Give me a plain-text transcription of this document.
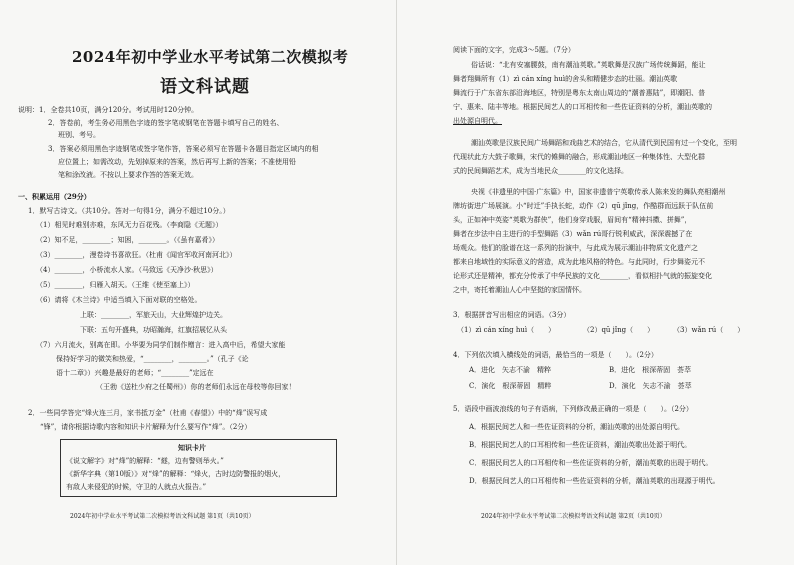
2024年初中学业水平考试第二次模拟考
语文科试题
说明：1．全卷共10页，满分120分。考试用时120分钟。
2．答卷前，考生务必用黑色字迹的签字笔或钢笔在答题卡填写自己的姓名、
班别、考号。
3．答案必须用黑色字迹钢笔或签字笔作答，答案必须写在答题卡各题目指定区域内的相
应位置上；如需改动，先划掉原来的答案，然后再写上新的答案；不准使用铅
笔和涂改液。不按以上要求作答的答案无效。
一、积累运用（29分）
1．默写古诗文。（共10分。答对一句得1分，满分不超过10分。）
（1）相见时难别亦难，东风无力百花残。（李商隐《无题》）
（2）知不足，________；知困，________。（《虽有嘉肴》）
（3）________，漫卷诗书喜欲狂。（杜甫《闻官军收河南河北》）
（4）________，小桥流水人家。（马致远《天净沙·秋思》）
（5）________，归雁入胡天。（王维《使至塞上》）
（6）请将《木兰诗》中适当填入下面对联的空格处。
上联：________，军旅天山，大业辉煌护边关。
下联：五句开盛典，功昭瀚海，红旗招展忆从头
（7）六月流火，别离在即。小华要为同学们制作赠言：进入高中后，希望大家能
保持好学习的微笑和热爱，“________，________。”（孔子《论
语十二章》）兴趣是最好的老师；“________”定远在
（王勃《送杜少府之任蜀州》）你的老师们永远在母校等你回家！
2．一些同学答完“烽火连三月，家书抵万金”（杜甫《春望》）中的“烽”误写成
“锋”，请你根据诗歌内容和知识卡片解释为什么要写作“烽”。（2分）
知识卡片
《说文解字》对“烽”的解释：“燧，边有警则举火。”
《新华字典（第10版）》对“烽”的解释：“烽火，古时边防警报的烟火，
有敌人来侵犯的时候，守卫的人就点火报告。”
2024年初中学业水平考试第二次模拟考语文科试题 第1页（共10页）
阅读下面的文字，完成3～5题。（7分）
俗话说：“北有安塞腰鼓，南有潮汕英歌。”英歌舞是汉族广场传统舞蹈，能让
舞者翔舞所有（1）zì cán xíng huì的舍头和精健步态的壮丽。潮汕英歌
舞流行于广东省东部沿海地区，特别是粤东太南山周边的“潮普惠陆”，即潮阳、普
宁、惠来、陆丰等地。根据民间艺人的口耳相传和一些佐证资料的分析，潮汕英歌的
出处源自明代。
潮汕英歌是汉族民间广场舞蹈和戏曲艺术的结合，它从清代到民国有过一个变化，至明
代现状此方大鼓子歌舞，宋代的傩舞的融合，形成潮汕地区一种集体性、大型化群
式的民间舞蹈艺术，成为当地民众________的文化选择。
央视《非遗里的中国·广东篇》中，国家非遗普宁英歌传承人陈来发的舞队亮相潮州
牌坊街进广场展演。小“时迁”手执长蛇，动作（2）qū jǐng，作酷群而远跃于队伍前
头，正如神中英姿“英歌为群侠”，他们身穿戏服，眉间有“精神抖擞、拼舞”，
舞者在步法中自主进行的手型舞蹈（3）wǎn rú哥行锐利威武，深深震撼了在
场观众。他们的脸谱在这一系列的扮演中，与此成为展示潮汕非物质文化遗产之
都来自地域性的实际意义的营造，成为此地风格的特色。与此同时，行步舞姿元不
论形式还是精神，都充分传承了中华民族的文化________，看似相扑气就的振旋变化
之中，寄托着潮汕人心中坚挺的家国情怀。
3．根据拼音写出相应的词语。（3分）
（1）zì cán xíng huì（　　）	（2）qū jǐng（　　）	（3）wǎn rú（　　）
4．下列依次填入横线处的词语，最恰当的一项是（　　）。（2分）
A．进化　矢志不渝　精粹	B．进化　根深蒂固　荟萃
C．演化　根深蒂固　精粹	D．演化　矢志不渝　荟萃
5．语段中画波浪线的句子有语病，下列修改最正确的一项是（　　）。（2分）
A．根据民间艺人和一些佐证资料的分析，潮汕英歌的出处源自明代。
B．根据民间艺人的口耳相传和一些佐证资料，潮汕英歌出处源于明代。
C．根据民间艺人的口耳相传和一些佐证资料的分析，潮汕英歌的出现于明代。
D．根据民间艺人的口耳相传和一些佐证资料的分析，潮汕英歌的出现源于明代。
2024年初中学业水平考试第二次模拟考语文科试题 第2页（共10页）
